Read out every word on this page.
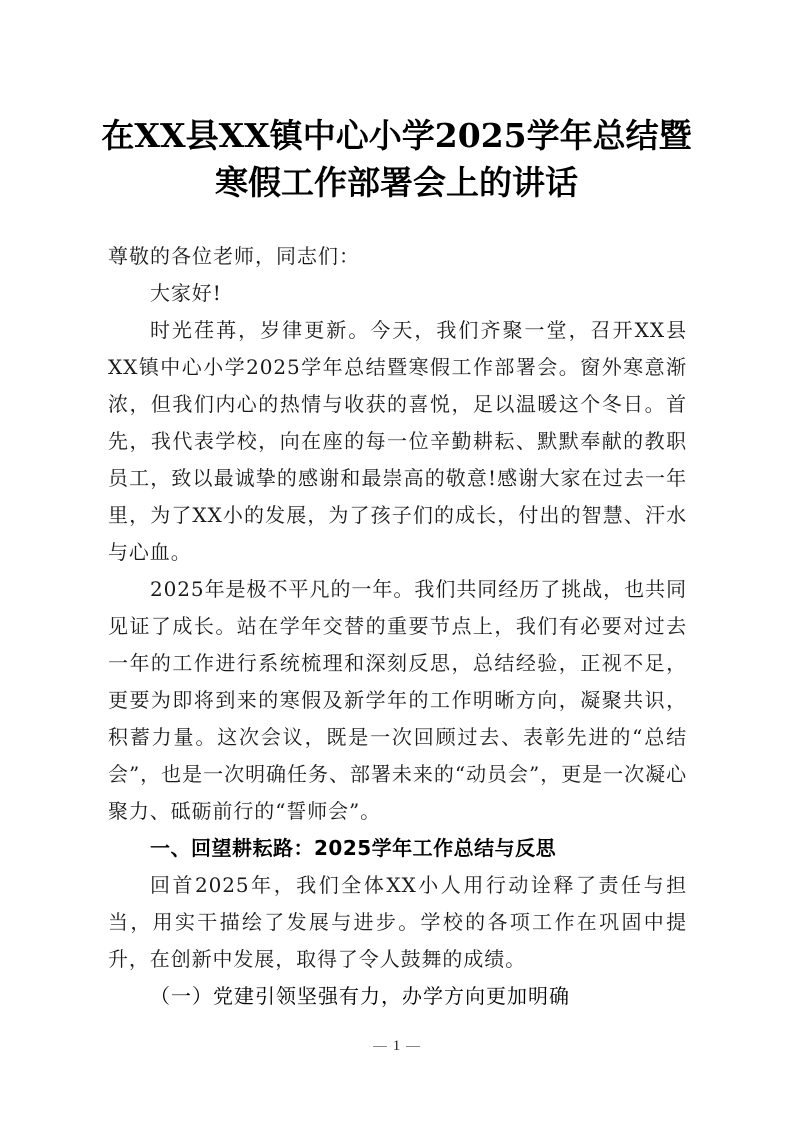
在XX县XX镇中心小学2025学年总结暨
寒假工作部署会上的讲话

尊敬的各位老师，同志们：

大家好!

时光荏苒，岁律更新。今天，我们齐聚一堂，召开XX县XX镇中心小学2025学年总结暨寒假工作部署会。窗外寒意渐浓，但我们内心的热情与收获的喜悦，足以温暖这个冬日。首先，我代表学校，向在座的每一位辛勤耕耘、默默奉献的教职员工，致以最诚挚的感谢和最崇高的敬意!感谢大家在过去一年里，为了XX小的发展，为了孩子们的成长，付出的智慧、汗水与心血。

2025年是极不平凡的一年。我们共同经历了挑战，也共同见证了成长。站在学年交替的重要节点上，我们有必要对过去一年的工作进行系统梳理和深刻反思，总结经验，正视不足，更要为即将到来的寒假及新学年的工作明晰方向，凝聚共识，积蓄力量。这次会议，既是一次回顾过去、表彰先进的“总结会”，也是一次明确任务、部署未来的“动员会”，更是一次凝心聚力、砥砺前行的“誓师会”。

一、回望耕耘路：2025学年工作总结与反思

回首2025年，我们全体XX小人用行动诠释了责任与担当，用实干描绘了发展与进步。学校的各项工作在巩固中提升，在创新中发展，取得了令人鼓舞的成绩。

（一）党建引领坚强有力，办学方向更加明确

1
